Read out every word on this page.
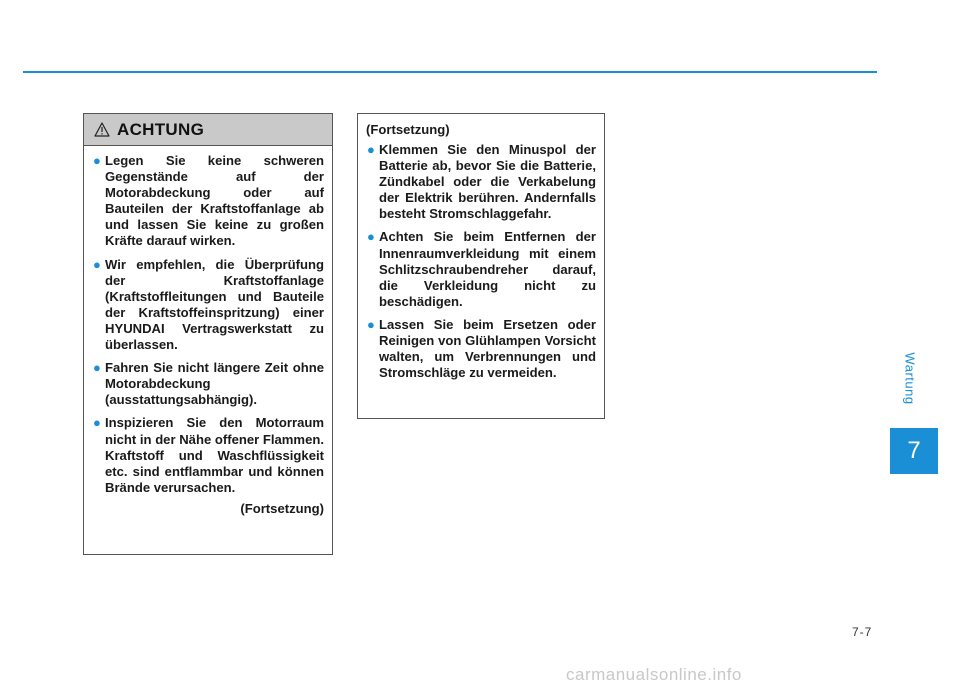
ACHTUNG
● Legen Sie keine schweren Gegenstände auf der Motorabdeckung oder auf Bauteilen der Kraftstoffanlage ab und lassen Sie keine zu großen Kräfte darauf wirken.
● Wir empfehlen, die Überprüfung der Kraftstoffanlage (Kraftstoffleitungen und Bauteile der Kraftstoffeinspritzung) einer HYUNDAI Vertragswerkstatt zu überlassen.
● Fahren Sie nicht längere Zeit ohne Motorabdeckung (ausstattungsabhängig).
● Inspizieren Sie den Motorraum nicht in der Nähe offener Flammen. Kraftstoff und Waschflüssigkeit etc. sind entflammbar und können Brände verursachen.
(Fortsetzung)
(Fortsetzung)
● Klemmen Sie den Minuspol der Batterie ab, bevor Sie die Batterie, Zündkabel oder die Verkabelung der Elektrik berühren. Andernfalls besteht Stromschlaggefahr.
● Achten Sie beim Entfernen der Innenraumverkleidung mit einem Schlitzschraubendreher darauf, die Verkleidung nicht zu beschädigen.
● Lassen Sie beim Ersetzen oder Reinigen von Glühlampen Vorsicht walten, um Verbrennungen und Stromschläge zu vermeiden.	Wartung
7
7-7
carmanualsonline.info
